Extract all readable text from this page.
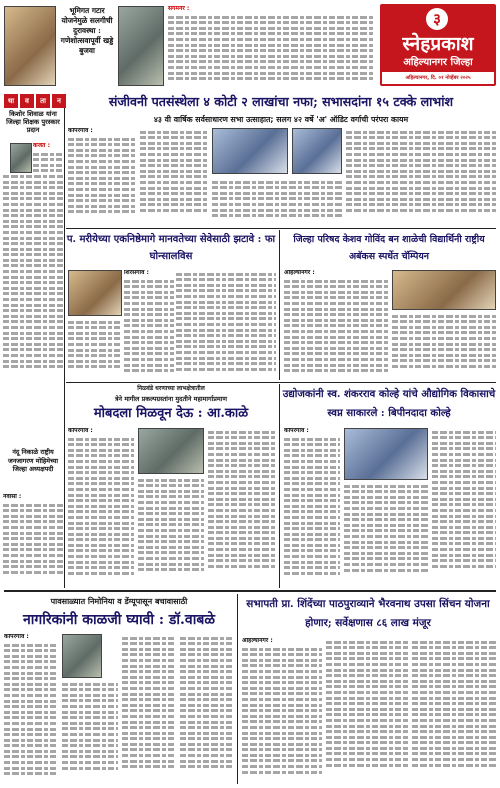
भूमिगत गटार योजनेमुळे सलगीची दुरावस्था : गणेशोत्सवापूर्वी खड्डे बुजवा
संगमनेर :
३
स्नेहप्रकाश
अहिल्यानगर जिल्हा
अहिल्यानगर, दि. ०१ नोव्हेंबर २०२५
धा	व	ता	न	संजीवनी पतसंस्थेला ४ कोटी २ लाखांचा नफा; सभासदांना १५ टक्के लाभांश
४३ वी वार्षिक सर्वसाधारण सभा उत्साहात; सलग ४२ वर्षे 'अ' ऑडिट वर्गाची परंपरा कायम
किशोर शिवाळ यांना जिल्हा शिक्षक पुरस्कार प्रदान
कर्जत :
कोपरगाव :
प. मरीयेच्या एकनिष्ठेमागे मानवतेच्या सेवेसाठी झटावे : फा घोन्सालविस
शिरसगाव :
जिल्हा परिषद केशव गोविंद बन शाळेची विद्यार्थिनी राष्ट्रीय अबॅकस स्पर्धेत चॅम्पियन
अहिल्यानगर :
निळ्वंडे धरणाच्या लाभक्षेत्रातील
त्रेने मागील प्रकल्पग्रस्तांना मुदतीने महामार्गाप्रमाण
मोबदला मिळवून देऊ : आ.काळे
कोपरगाव :
उद्योजकांनी स्व. शंकरराव कोल्हे यांचे औद्योगिक विकासाचे स्वप्न साकारले : बिपीनदादा कोल्हे
कोपरगाव :
नंदू निकाळे राष्ट्रीय जनजागरण मोहिमेच्या जिल्हा अध्यक्षपदी
नेवासा :
पावसाळ्यात निमोनिया व डेंग्यूपासून बचावासाठी
नागरिकांनी काळजी घ्यावी : डॉ.वाबळे
कोपरगाव :
सभापती प्रा. शिंदेंच्या पाठपुराव्याने भैरवनाथ उपसा सिंचन योजना होणार; सर्वेक्षणास ८६ लाख मंजूर
अहिल्यानगर :
